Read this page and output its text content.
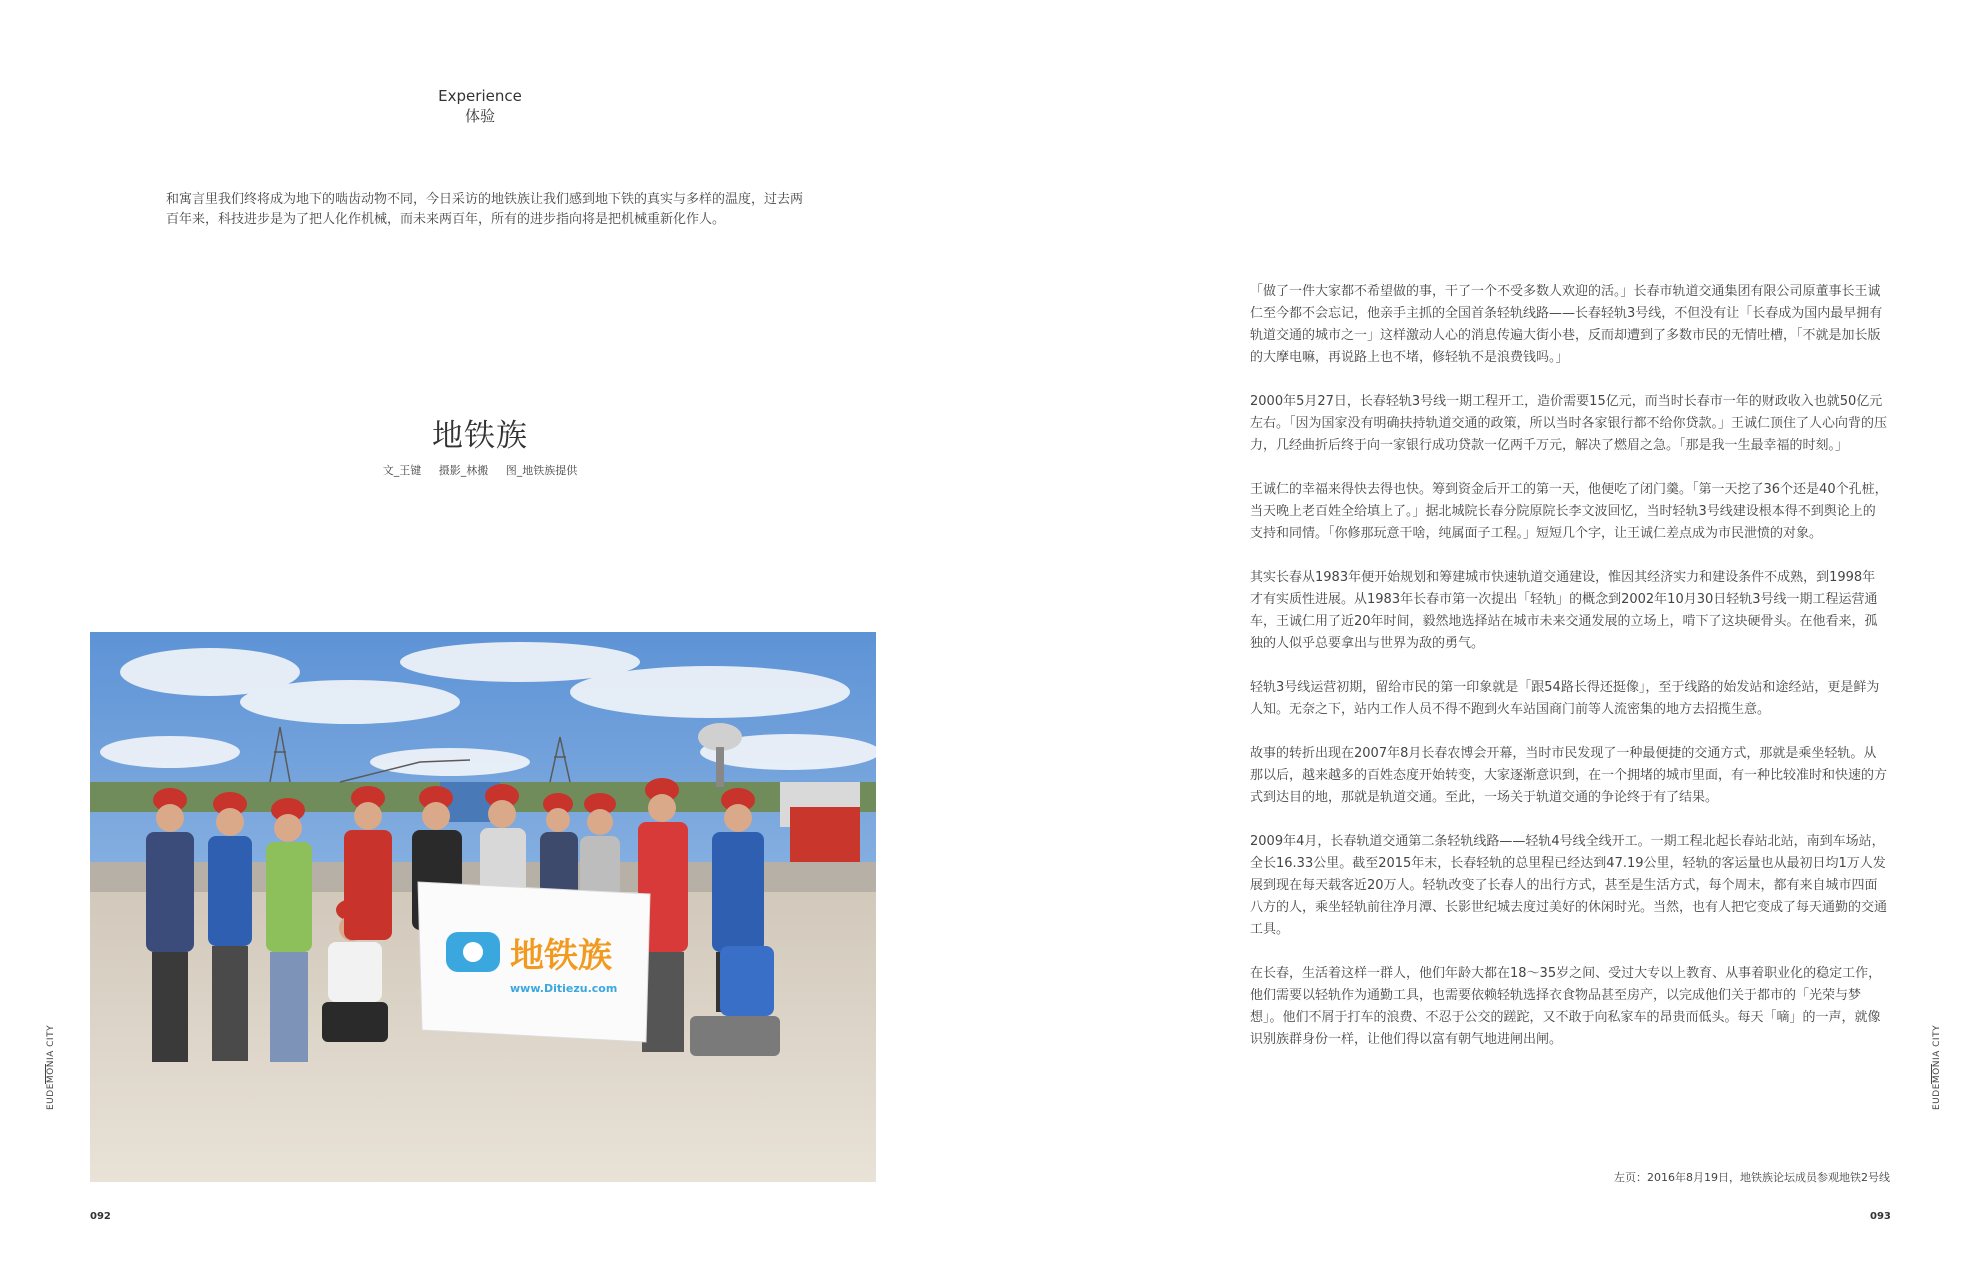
Experience
体验
和寓言里我们终将成为地下的啮齿动物不同，今日采访的地铁族让我们感到地下铁的真实与多样的温度，过去两百年来，科技进步是为了把人化作机械，而未来两百年，所有的进步指向将是把机械重新化作人。
地铁族
文_王键 摄影_林搬 图_地铁族提供
地铁族
www.Ditiezu.com

「做了一件大家都不希望做的事，干了一个不受多数人欢迎的活。」长春市轨道交通集团有限公司原董事长王诚仁至今都不会忘记，他亲手主抓的全国首条轻轨线路——长春轻轨3号线，不但没有让「长春成为国内最早拥有轨道交通的城市之一」这样激动人心的消息传遍大街小巷，反而却遭到了多数市民的无情吐槽，「不就是加长版的大摩电嘛，再说路上也不堵，修轻轨不是浪费钱吗。」

2000年5月27日，长春轻轨3号线一期工程开工，造价需要15亿元，而当时长春市一年的财政收入也就50亿元左右。「因为国家没有明确扶持轨道交通的政策，所以当时各家银行都不给你贷款。」王诚仁顶住了人心向背的压力，几经曲折后终于向一家银行成功贷款一亿两千万元，解决了燃眉之急。「那是我一生最幸福的时刻。」

王诚仁的幸福来得快去得也快。筹到资金后开工的第一天，他便吃了闭门羹。「第一天挖了36个还是40个孔桩，当天晚上老百姓全给填上了。」据北城院长春分院原院长李文波回忆，当时轻轨3号线建设根本得不到舆论上的支持和同情。「你修那玩意干啥，纯属面子工程。」短短几个字，让王诚仁差点成为市民泄愤的对象。

其实长春从1983年便开始规划和筹建城市快速轨道交通建设，惟因其经济实力和建设条件不成熟，到1998年才有实质性进展。从1983年长春市第一次提出「轻轨」的概念到2002年10月30日轻轨3号线一期工程运营通车，王诚仁用了近20年时间，毅然地选择站在城市未来交通发展的立场上，啃下了这块硬骨头。在他看来，孤独的人似乎总要拿出与世界为敌的勇气。

轻轨3号线运营初期，留给市民的第一印象就是「跟54路长得还挺像」，至于线路的始发站和途经站，更是鲜为人知。无奈之下，站内工作人员不得不跑到火车站国商门前等人流密集的地方去招揽生意。

故事的转折出现在2007年8月长春农博会开幕，当时市民发现了一种最便捷的交通方式，那就是乘坐轻轨。从那以后，越来越多的百姓态度开始转变，大家逐渐意识到，在一个拥堵的城市里面，有一种比较准时和快速的方式到达目的地，那就是轨道交通。至此，一场关于轨道交通的争论终于有了结果。

2009年4月，长春轨道交通第二条轻轨线路——轻轨4号线全线开工。一期工程北起长春站北站，南到车场站，全长16.33公里。截至2015年末，长春轻轨的总里程已经达到47.19公里，轻轨的客运量也从最初日均1万人发展到现在每天载客近20万人。轻轨改变了长春人的出行方式，甚至是生活方式，每个周末，都有来自城市四面八方的人，乘坐轻轨前往净月潭、长影世纪城去度过美好的休闲时光。当然，也有人把它变成了每天通勤的交通工具。

在长春，生活着这样一群人，他们年龄大都在18～35岁之间、受过大专以上教育、从事着职业化的稳定工作，他们需要以轻轨作为通勤工具，也需要依赖轻轨选择衣食物品甚至房产，以完成他们关于都市的「光荣与梦想」。他们不屑于打车的浪费、不忍于公交的蹉跎，又不敢于向私家车的昂贵而低头。每天「嘀」的一声，就像识别族群身份一样，让他们得以富有朝气地进闸出闸。

左页：2016年8月19日，地铁族论坛成员参观地铁2号线
EUDEMONIA CITY
092
EUDEMONIA CITY
093
